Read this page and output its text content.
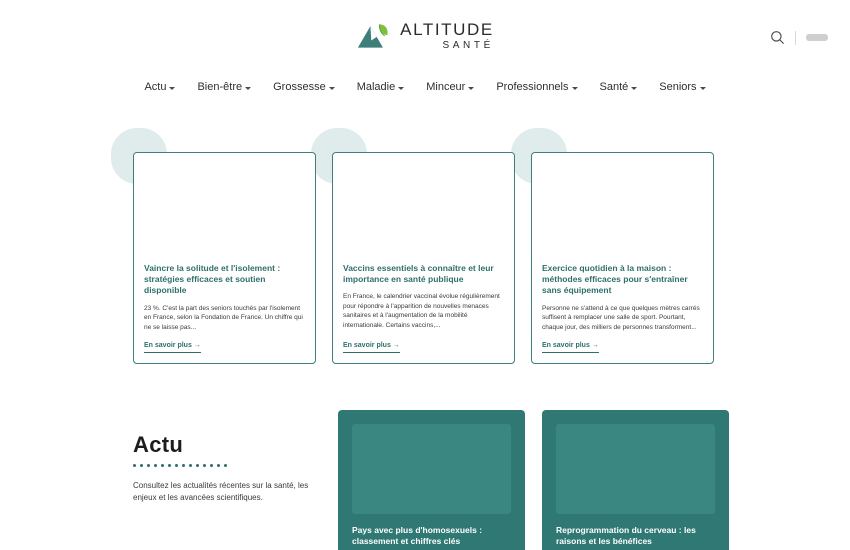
ALTITUDE
SANTÉ
Actu	Bien-être	Grossesse	Maladie	Minceur	Professionnels	Santé	Seniors
Vaincre la solitude et l'isolement : stratégies efficaces et soutien disponible
23 %. C'est la part des seniors touchés par l'isolement en France, selon la Fondation de France. Un chiffre qui ne se laisse pas...
En savoir plus →
Vaccins essentiels à connaître et leur importance en santé publique
En France, le calendrier vaccinal évolue régulièrement pour répondre à l'apparition de nouvelles menaces sanitaires et à l'augmentation de la mobilité internationale. Certains vaccins,...
En savoir plus →
Exercice quotidien à la maison : méthodes efficaces pour s'entraîner sans équipement
Personne ne s'attend à ce que quelques mètres carrés suffisent à remplacer une salle de sport. Pourtant, chaque jour, des milliers de personnes transforment...
En savoir plus →
Actu
Consultez les actualités récentes sur la santé, les enjeux et les avancées scientifiques.
Pays avec plus d'homosexuels : classement et chiffres clés
Reprogrammation du cerveau : les raisons et les bénéfices
